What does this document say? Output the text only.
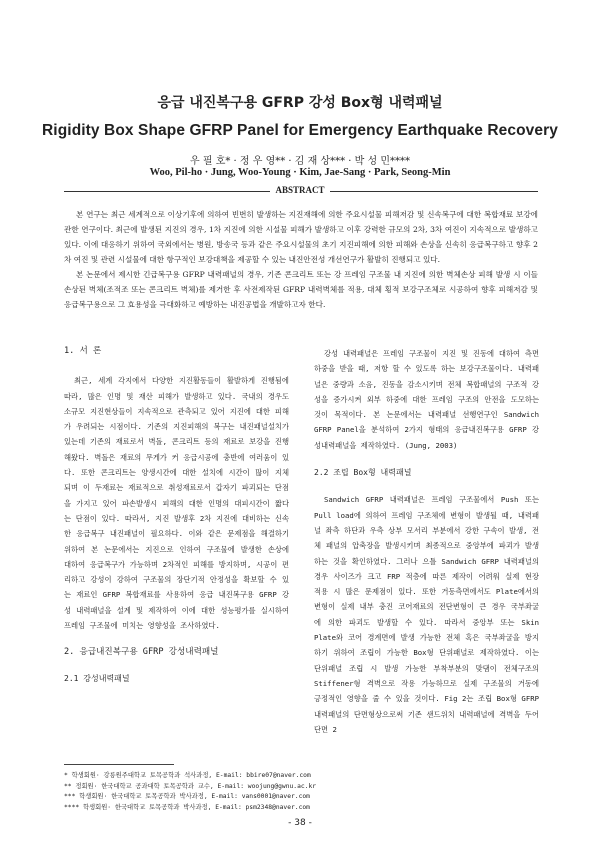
응급 내진복구용 GFRP 강성 Box형 내력패널
Rigidity Box Shape GFRP Panel for Emergency Earthquake Recovery
우 필 호* · 정 우 영** · 김 재 상*** · 박 성 민****
Woo, Pil-ho · Jung, Woo-Young · Kim, Jae-Sang · Park, Seong-Min
ABSTRACT

본 연구는 최근 세계적으로 이상기후에 의하여 빈번히 발생하는 지진재해에 의한 주요시설물 피해저감 및 신속복구에 대한 복합재료 보강에 관한 연구이다. 최근에 발생된 지진의 경우, 1차 지진에 의한 시설물 피해가 발생하고 이후 강력한 규모의 2차, 3차 여진이 지속적으로 발생하고 있다. 이에 대응하기 위하여 국외에서는 병원, 방송국 등과 같은 주요시설물의 초기 지진피해에 의한 피해와 손상을 신속히 응급복구하고 향후 2차 여진 및 관련 시설물에 대한 항구적인 보강대책을 제공할 수 있는 내진안전성 개선연구가 활발히 진행되고 있다.

본 논문에서 제시한 긴급복구용 GFRP 내력패널의 경우, 기존 콘크리트 또는 강 프레임 구조물 내 지진에 의한 벽체손상 피해 발생 시 이들 손상된 벽체(조적조 또는 콘크리트 벽체)를 제거한 후 사전제작된 GFRP 내력벽체를 적용, 대체 횡적 보강구조체로 시공하여 향후 피해저감 및 응급복구용으로 그 효용성을 극대화하고 예방하는 내진공법을 개발하고자 한다.

1. 서 론

최근, 세계 각지에서 다양한 지진활동들이 활발하게 진행됨에 따라, 많은 인명 및 재산 피해가 발생하고 있다. 국내의 경우도 소규모 지진현상들이 지속적으로 관측되고 있어 지진에 대한 피해가 우려되는 시점이다. 기존의 지진피해의 복구는 내진패널설치가 있는데 기존의 재료로서 벽돌, 콘크리트 등의 재료로 보강을 진행해왔다. 벽돌은 재료의 무게가 커 응급시공에 충반에 여러움이 있다. 또한 콘크리트는 양생시간에 대한 설치에 시간이 많이 지체 되며 이 두재료는 재료적으로 취성재료로서 갑자기 파괴되는 단점을 가지고 있어 파손발생시 피해의 대한 인명의 대피시간이 짧다는 단점이 있다. 따라서, 지진 발생후 2차 지진에 대비하는 신속한 응급복구 내진패널이 필요하다. 이와 같은 문제점을 해결하기 위하여 본 논문에서는 지진으로 인하여 구조물에 발생한 손상에 대하여 응급복구가 가능하며 2차적인 피해를 방지하며, 시공이 편리하고 강성이 강하여 구조물의 장단기적 안정성을 확보할 수 있는 재료인 GFRP 복합재료를 사용하여 응급 내진복구용 GFRP 강성 내력패널을 설계 및 제작하여 이에 대한 성능평가를 실시하여 프레임 구조물에 미치는 영향성을 조사하였다.

2. 응급내진복구용 GFRP 강성내력패널
2.1 강성내력패널

강성 내력패널은 프레임 구조물이 지진 및 진동에 대하여 측면 하중을 받을 때, 저항 할 수 있도록 하는 보강구조물이다. 내력패널은 중량과 소음, 진동을 감소시키며 전체 복합패널의 구조적 강성을 증가시켜 외부 하중에 대한 프레임 구조의 안전을 도모하는 것이 목적이다. 본 논문에서는 내력패널 선행연구인 Sandwich GFRP Panel을 분석하여 2가지 형태의 응급내진복구용 GFRP 강성내력패널을 제작하였다. (Jung, 2003)

2.2 조립 Box형 내력패널

Sandwich GFRP 내력패널은 프레임 구조물에서 Push 또는 Pull load에 의하여 프레임 구조체에 변형이 발생될 때, 내력패널 좌측 하단과 우측 상부 모서리 부분에서 강한 구속이 발생, 전체 패널의 압축장을 발생시키며 최종적으로 중앙부에 파괴가 발생하는 것을 확인하였다. 그러나 으틀 Sandwich GFRP 내력패널의 경우 사이즈가 크고 FRP 적층에 따른 제작이 어려워 실제 현장 적용 시 많은 문제점이 있다. 또한 거동측면에서도 Plate에서의 변형이 실제 내부 충진 코어재료의 전단변형이 큰 경우 국부좌굴에 의한 파괴도 발생할 수 있다. 따라서 중앙부 또는 Skin Plate와 코어 경계면에 발생 가능한 전체 혹은 국부좌굴을 방지하기 위하여 조립이 가능한 Box형 단위패널로 제작하였다. 이는 단위패널 조립 시 발생 가능한 부착부분의 맞댐이 전체구조의 Stiffener형 격벽으로 작용 가능하므로 실제 구조물의 거동에 긍정적인 영향을 줄 수 있을 것이다. Fig 2는 조립 Box형 GFRP 내력패널의 단면형상으로써 기존 샌드위치 내력패널에 격벽을 두어 단면 2

* 학생회원· 강릉원주대학교 토목공학과 석사과정, E-mail: bbire07@naver.com
** 정회원· 한국대학교 공과대학 토목공학과 교수, E-mail: woojung@gwnu.ac.kr
*** 학생회원· 한국대학교 토목공학과 박사과정, E-mail: vans0001@naver.com
**** 학생회원· 한국대학교 토목공학과 박사과정, E-mail: psm2348@naver.com
- 38 -
